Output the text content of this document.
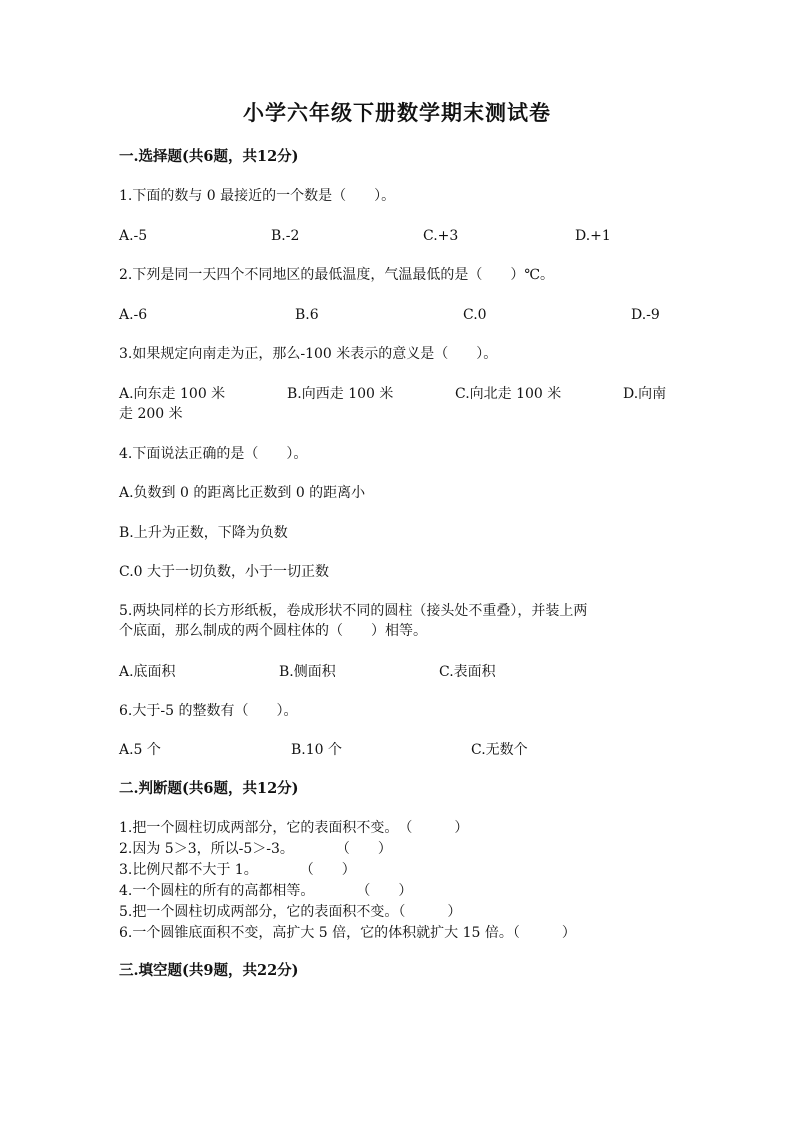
小学六年级下册数学期末测试卷
一.选择题(共6题，共12分)
1.下面的数与 0 最接近的一个数是（　　）。
A.-5	B.-2	C.+3	D.+1
2.下列是同一天四个不同地区的最低温度，气温最低的是（　　）℃。
A.-6	B.6	C.0	D.-9
3.如果规定向南走为正，那么-100 米表示的意义是（　　）。
A.向东走 100 米	B.向西走 100 米	C.向北走 100 米	D.向南
走 200 米
4.下面说法正确的是（　　）。
A.负数到 0 的距离比正数到 0 的距离小
B.上升为正数，下降为负数
C.0 大于一切负数，小于一切正数
5.两块同样的长方形纸板，卷成形状不同的圆柱（接头处不重叠），并装上两
个底面，那么制成的两个圆柱体的（　　）相等。
A.底面积	B.侧面积	C.表面积
6.大于-5 的整数有（　　）。
A.5 个	B.10 个	C.无数个
二.判断题(共6题，共12分)
1.把一个圆柱切成两部分，它的表面积不变。　（　　　）
2.因为 5＞3，所以-5＞-3。　　　　（　　）
3.比例尺都不大于 1。　　　　（　　）
4.一个圆柱的所有的高都相等。　　　　（　　）
5.把一个圆柱切成两部分，它的表面积不变。（　　　）
6.一个圆锥底面积不变，高扩大 5 倍，它的体积就扩大 15 倍。（　　　）
三.填空题(共9题，共22分)
